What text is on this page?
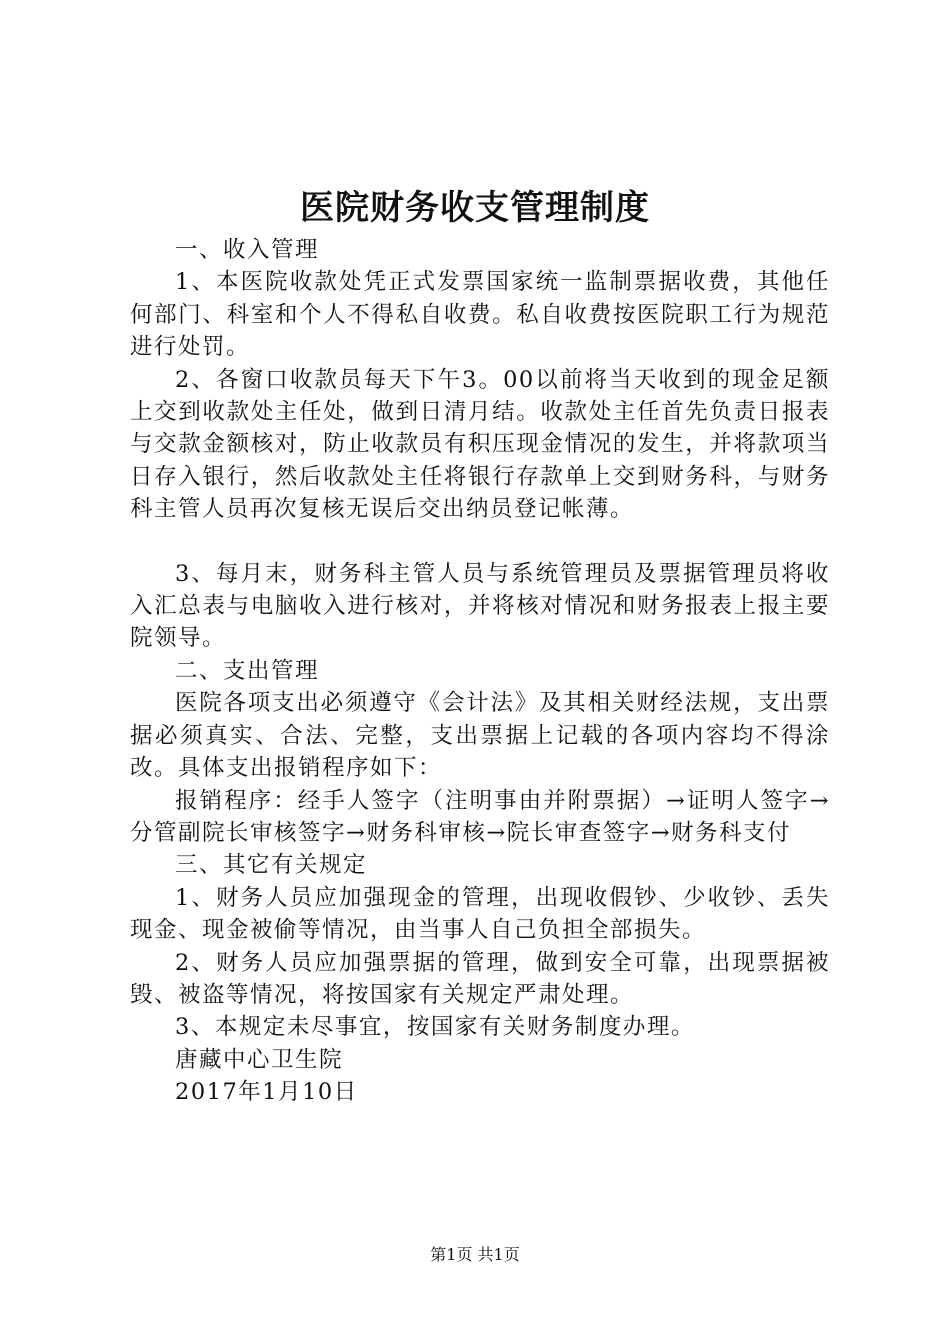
医院财务收支管理制度

一、收入管理

1、本医院收款处凭正式发票国家统一监制票据收费，其他任何部门、科室和个人不得私自收费。私自收费按医院职工行为规范进行处罚。

2、各窗口收款员每天下午3。00以前将当天收到的现金足额上交到收款处主任处，做到日清月结。收款处主任首先负责日报表与交款金额核对，防止收款员有积压现金情况的发生，并将款项当日存入银行，然后收款处主任将银行存款单上交到财务科，与财务科主管人员再次复核无误后交出纳员登记帐薄。

3、每月末，财务科主管人员与系统管理员及票据管理员将收入汇总表与电脑收入进行核对，并将核对情况和财务报表上报主要院领导。

二、支出管理

医院各项支出必须遵守《会计法》及其相关财经法规，支出票据必须真实、合法、完整，支出票据上记载的各项内容均不得涂改。具体支出报销程序如下：

报销程序：经手人签字（注明事由并附票据）→证明人签字→分管副院长审核签字→财务科审核→院长审查签字→财务科支付

三、其它有关规定

1、财务人员应加强现金的管理，出现收假钞、少收钞、丢失现金、现金被偷等情况，由当事人自己负担全部损失。

2、财务人员应加强票据的管理，做到安全可靠，出现票据被毁、被盗等情况，将按国家有关规定严肃处理。

3、本规定未尽事宜，按国家有关财务制度办理。

唐藏中心卫生院

2017年1月10日

第1页 共1页
